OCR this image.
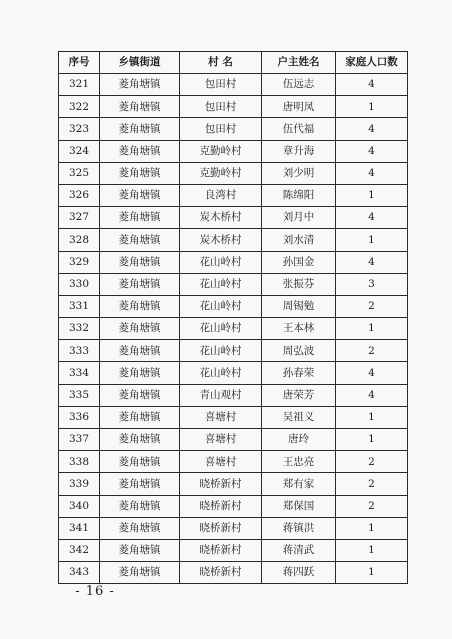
序号	乡镇街道	村 名	户主姓名	家庭人口数
321	菱角塘镇	包田村	伍远志	4
322	菱角塘镇	包田村	唐明凤	1
323	菱角塘镇	包田村	伍代福	4
324	菱角塘镇	克勤岭村	章升海	4
325	菱角塘镇	克勤岭村	刘少明	4
326	菱角塘镇	良湾村	陈绵阳	1
327	菱角塘镇	炭木桥村	刘月中	4
328	菱角塘镇	炭木桥村	刘水清	1
329	菱角塘镇	花山岭村	孙国金	4
330	菱角塘镇	花山岭村	张振芬	3
331	菱角塘镇	花山岭村	周锡勉	2
332	菱角塘镇	花山岭村	王本林	1
333	菱角塘镇	花山岭村	周弘波	2
334	菱角塘镇	花山岭村	孙春荣	4
335	菱角塘镇	青山观村	唐荣芳	4
336	菱角塘镇	喜塘村	吴祖义	1
337	菱角塘镇	喜塘村	唐玲	1
338	菱角塘镇	喜塘村	王忠亮	2
339	菱角塘镇	晓桥新村	郑有家	2
340	菱角塘镇	晓桥新村	郑保国	2
341	菱角塘镇	晓桥新村	蒋镇洪	1
342	菱角塘镇	晓桥新村	蒋清武	1
343	菱角塘镇	晓桥新村	蒋四跃	1
- 16 -
